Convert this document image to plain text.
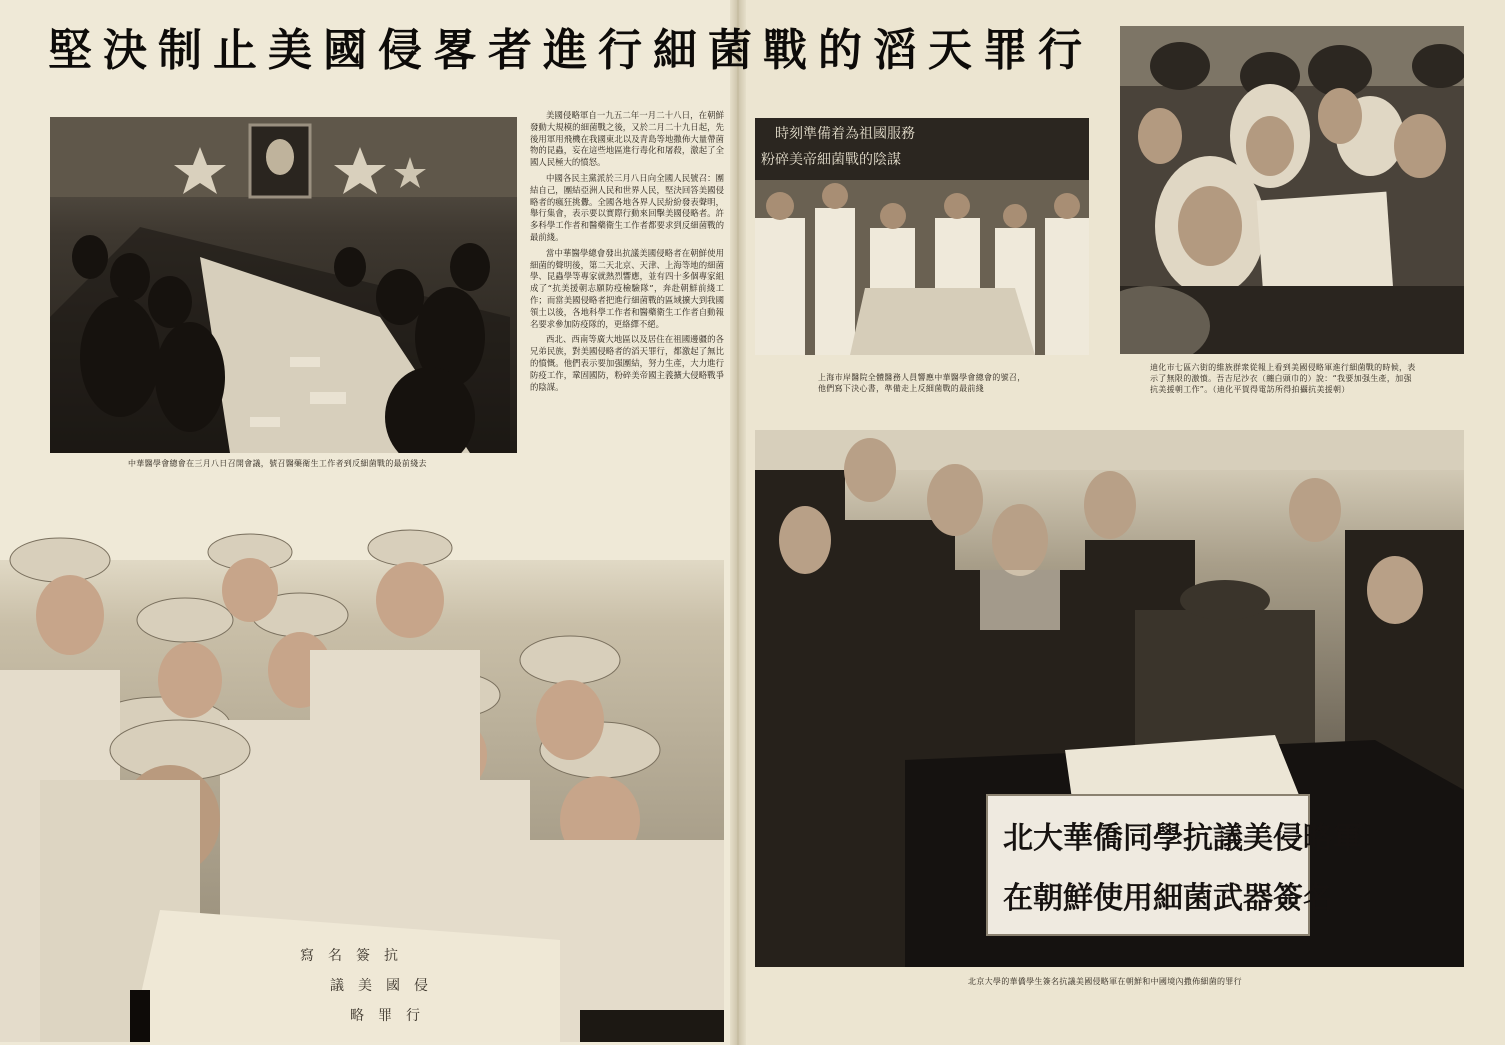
堅決制止美國侵畧者進行細菌戰的滔天罪行
中華醫學會總會在三月八日召開會議，號召醫藥衛生工作者到反細菌戰的最前綫去

美國侵略軍自一九五二年一月二十八日，在朝鮮發動大規模的細菌戰之後，又於二月二十九日起，先後用軍用飛機在我國東北以及青島等地撒佈大量帶菌物的昆蟲，妄在這些地區進行毒化和屠殺，激起了全國人民極大的憤怒。

中國各民主黨派於三月八日向全國人民號召：團結自己，團結亞洲人民和世界人民，堅決回答美國侵略者的瘋狂挑釁。全國各地各界人民紛紛發表聲明，舉行集會，表示要以實際行動來回擊美國侵略者。許多科學工作者和醫藥衛生工作者都要求到反細菌戰的最前綫。

當中華醫學總會發出抗議美國侵略者在朝鮮使用細菌的聲明後，第二天北京、天津、上海等地的細菌學、昆蟲學等專家就熱烈響應，並有四十多個專家組成了“抗美援朝志願防疫檢驗隊”，奔赴朝鮮前綫工作；而當美國侵略者把進行細菌戰的區域擴大到我國領土以後，各地科學工作者和醫藥衛生工作者自動報名要求參加防疫隊的，更絡繹不絕。

西北、西南等廣大地區以及居住在祖國邊疆的各兄弟民族，對美國侵略者的滔天罪行，都激起了無比的憤慨。他們表示要加强團結，努力生產，大力進行防疫工作，鞏固國防，粉碎美帝國主義擴大侵略戰爭的陰謀。

寫　名　簽　抗
議　美　國　侵
略　罪　行
時刻準備着為祖國服務
粉碎美帝細菌戰的陰謀
上海市岸醫院全體醫務人員響應中華醫學會總會的號召，他們寫下決心書，準備走上反細菌戰的最前綫
迪化市七區六街的維族群衆從報上看到美國侵略軍進行細菌戰的時候，表示了無限的激憤。吾吉尼沙衣（纏白頭巾的）說：“我要加强生產，加强抗美援朝工作”。（迪化平賀得電訪所得拍攝抗美援朝）
北大華僑同學抗議美侵略軍
在朝鮮使用細菌武器簽名
北京大學的華僑學生簽名抗議美國侵略軍在朝鮮和中國境內撒佈細菌的罪行
